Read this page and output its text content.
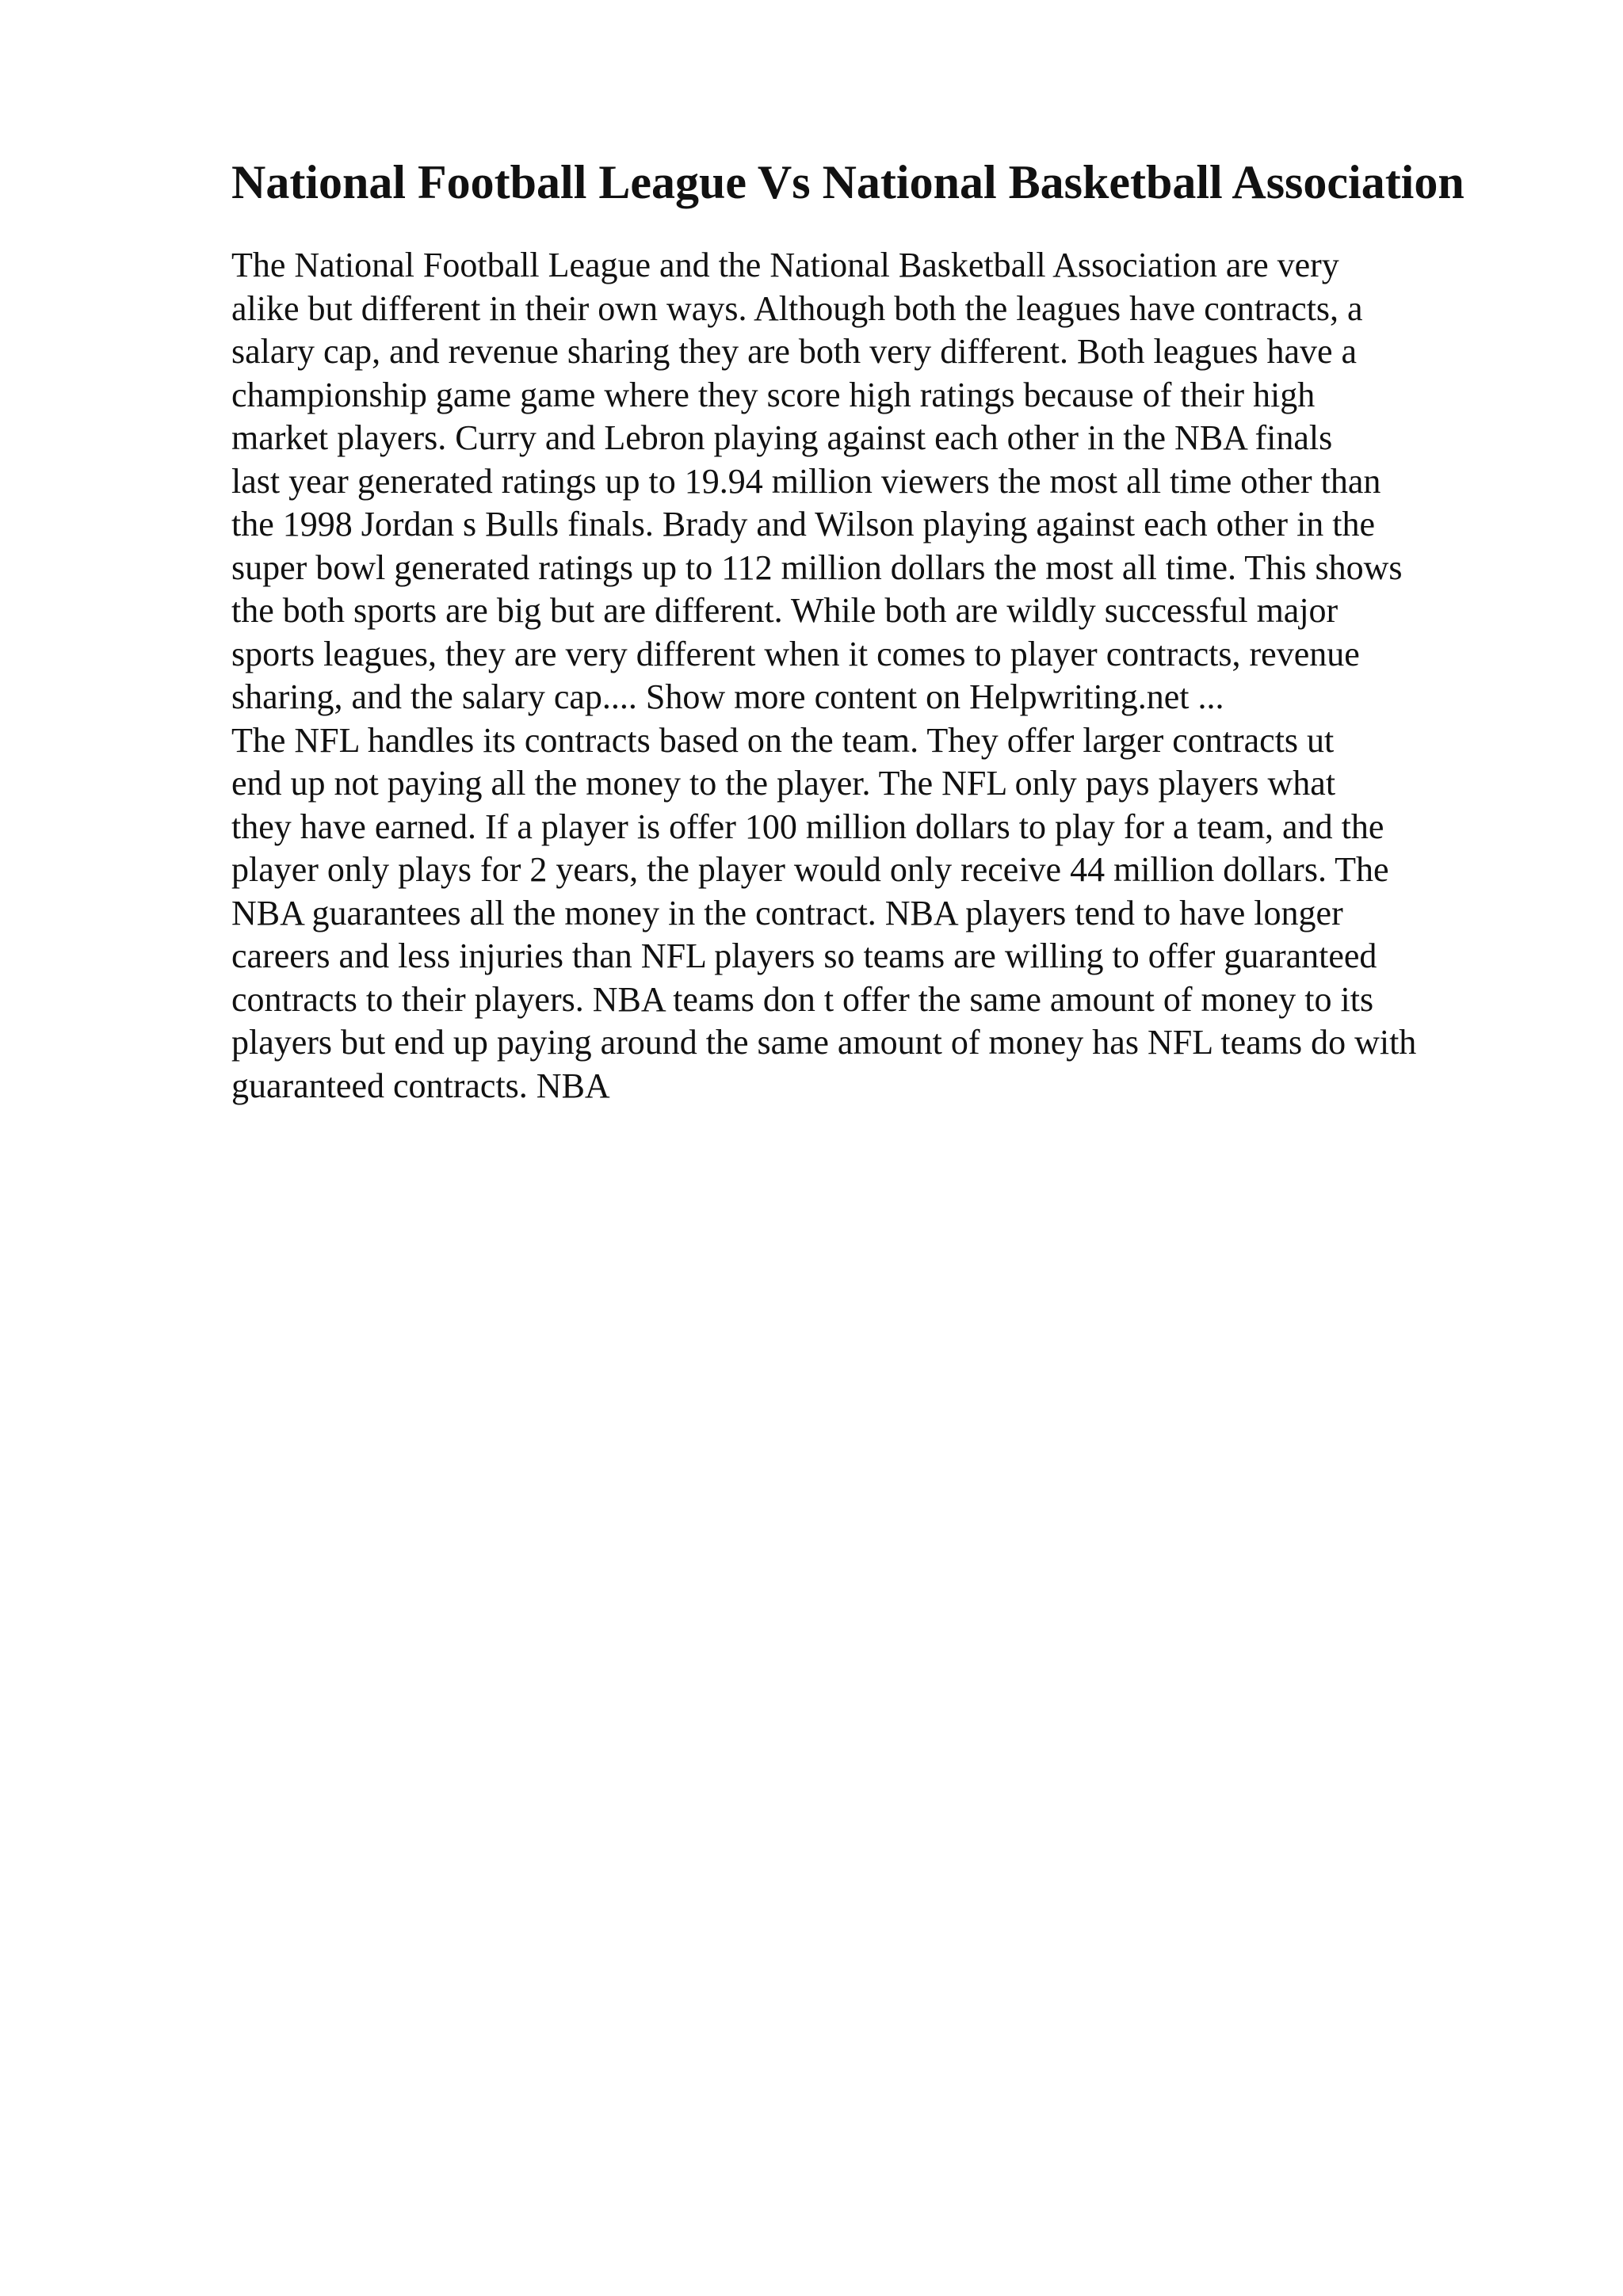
National Football League Vs National Basketball Association
The National Football League and the National Basketball Association are very
alike but different in their own ways. Although both the leagues have contracts, a
salary cap, and revenue sharing they are both very different. Both leagues have a
championship game game where they score high ratings because of their high
market players. Curry and Lebron playing against each other in the NBA finals
last year generated ratings up to 19.94 million viewers the most all time other than
the 1998 Jordan s Bulls finals. Brady and Wilson playing against each other in the
super bowl generated ratings up to 112 million dollars the most all time. This shows
the both sports are big but are different. While both are wildly successful major
sports leagues, they are very different when it comes to player contracts, revenue
sharing, and the salary cap.... Show more content on Helpwriting.net ...
The NFL handles its contracts based on the team. They offer larger contracts ut
end up not paying all the money to the player. The NFL only pays players what
they have earned. If a player is offer 100 million dollars to play for a team, and the
player only plays for 2 years, the player would only receive 44 million dollars. The
NBA guarantees all the money in the contract. NBA players tend to have longer
careers and less injuries than NFL players so teams are willing to offer guaranteed
contracts to their players. NBA teams don t offer the same amount of money to its
players but end up paying around the same amount of money has NFL teams do with
guaranteed contracts. NBA
